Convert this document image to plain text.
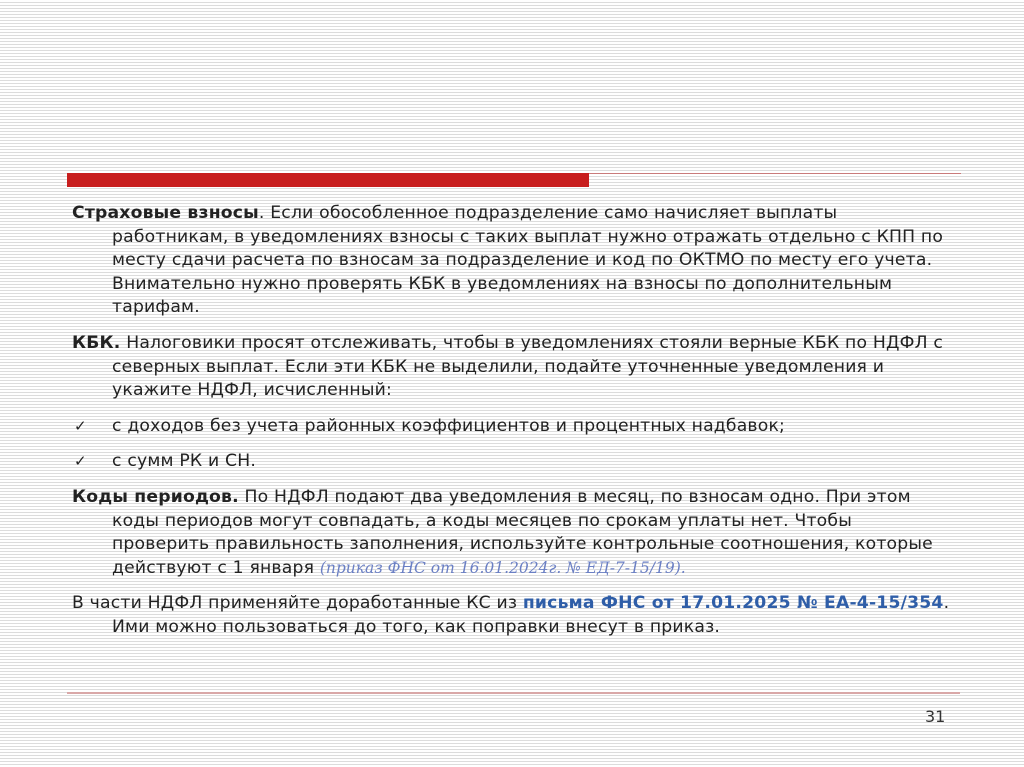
Страховые взносы. Если обособленное подразделение само начисляет выплаты работникам, в уведомлениях взносы с таких выплат нужно отражать отдельно с КПП по месту сдачи расчета по взносам за подразделение и код по ОКТМО по месту его учета. Внимательно нужно проверять КБК в уведомлениях на взносы по дополнительным тарифам.

КБК. Налоговики просят отслеживать, чтобы в уведомлениях стояли верные КБК по НДФЛ с северных выплат. Если эти КБК не выделили, подайте уточненные уведомления и укажите НДФЛ, исчисленный:

✓ с доходов без учета районных коэффициентов и процентных надбавок;
✓ с сумм РК и СН.

Коды периодов. По НДФЛ подают два уведомления в месяц, по взносам одно. При этом коды периодов могут совпадать, а коды месяцев по срокам уплаты нет. Чтобы проверить правильность заполнения, используйте контрольные соотношения, которые действуют с 1 января (приказ ФНС от 16.01.2024г. № ЕД-7-15/19).

В части НДФЛ применяйте доработанные КС из письма ФНС от 17.01.2025 № ЕА-4-15/354. Ими можно пользоваться до того, как поправки внесут в приказ.

31
